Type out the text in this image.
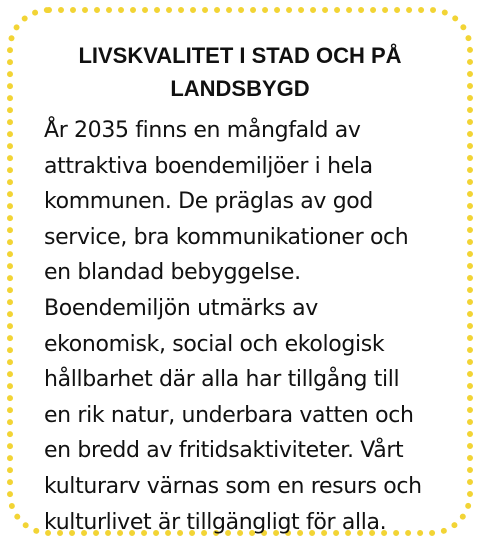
LIVSKVALITET I STAD OCH PÅ LANDSBYGD

År 2035 finns en mångfald av
attraktiva boendemiljöer i hela
kommunen. De präglas av god
service, bra kommunikationer och
en blandad bebyggelse.
Boendemiljön utmärks av
ekonomisk, social och ekologisk
hållbarhet där alla har tillgång till
en rik natur, underbara vatten och
en bredd av fritidsaktiviteter. Vårt
kulturarv värnas som en resurs och
kulturlivet är tillgängligt för alla.
